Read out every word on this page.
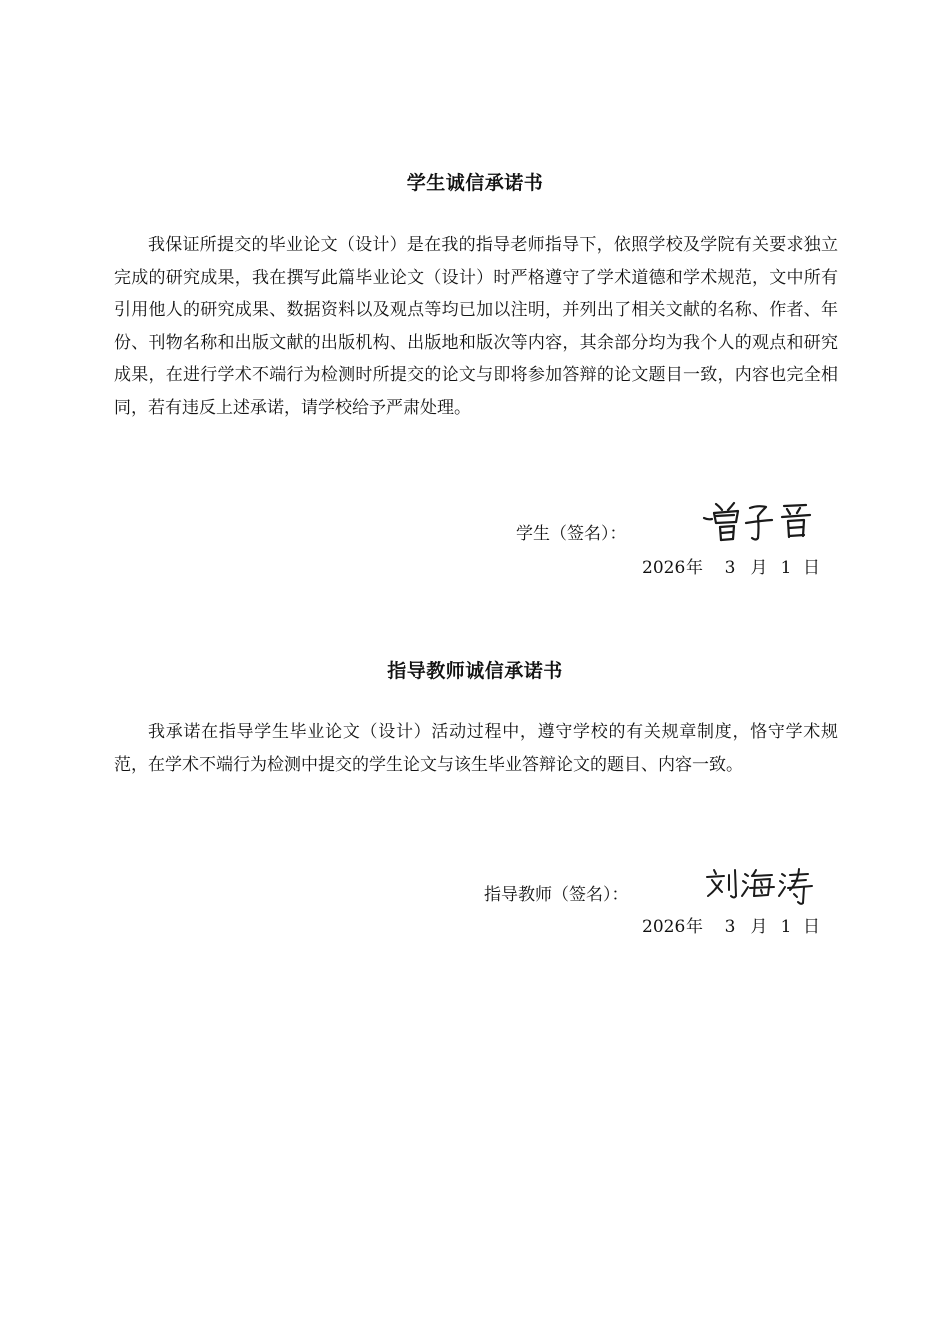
学生诚信承诺书

我保证所提交的毕业论文（设计）是在我的指导老师指导下，依照学校及学院有关要求独立完成的研究成果，我在撰写此篇毕业论文（设计）时严格遵守了学术道德和学术规范，文中所有引用他人的研究成果、数据资料以及观点等均已加以注明，并列出了相关文献的名称、作者、年份、刊物名称和出版文献的出版机构、出版地和版次等内容，其余部分均为我个人的观点和研究成果，在进行学术不端行为检测时所提交的论文与即将参加答辩的论文题目一致，内容也完全相同，若有违反上述承诺，请学校给予严肃处理。

学生（签名）：
2026年 3 月 1 日
指导教师诚信承诺书

我承诺在指导学生毕业论文（设计）活动过程中，遵守学校的有关规章制度，恪守学术规范，在学术不端行为检测中提交的学生论文与该生毕业答辩论文的题目、内容一致。

指导教师（签名）：
2026年 3 月 1 日
